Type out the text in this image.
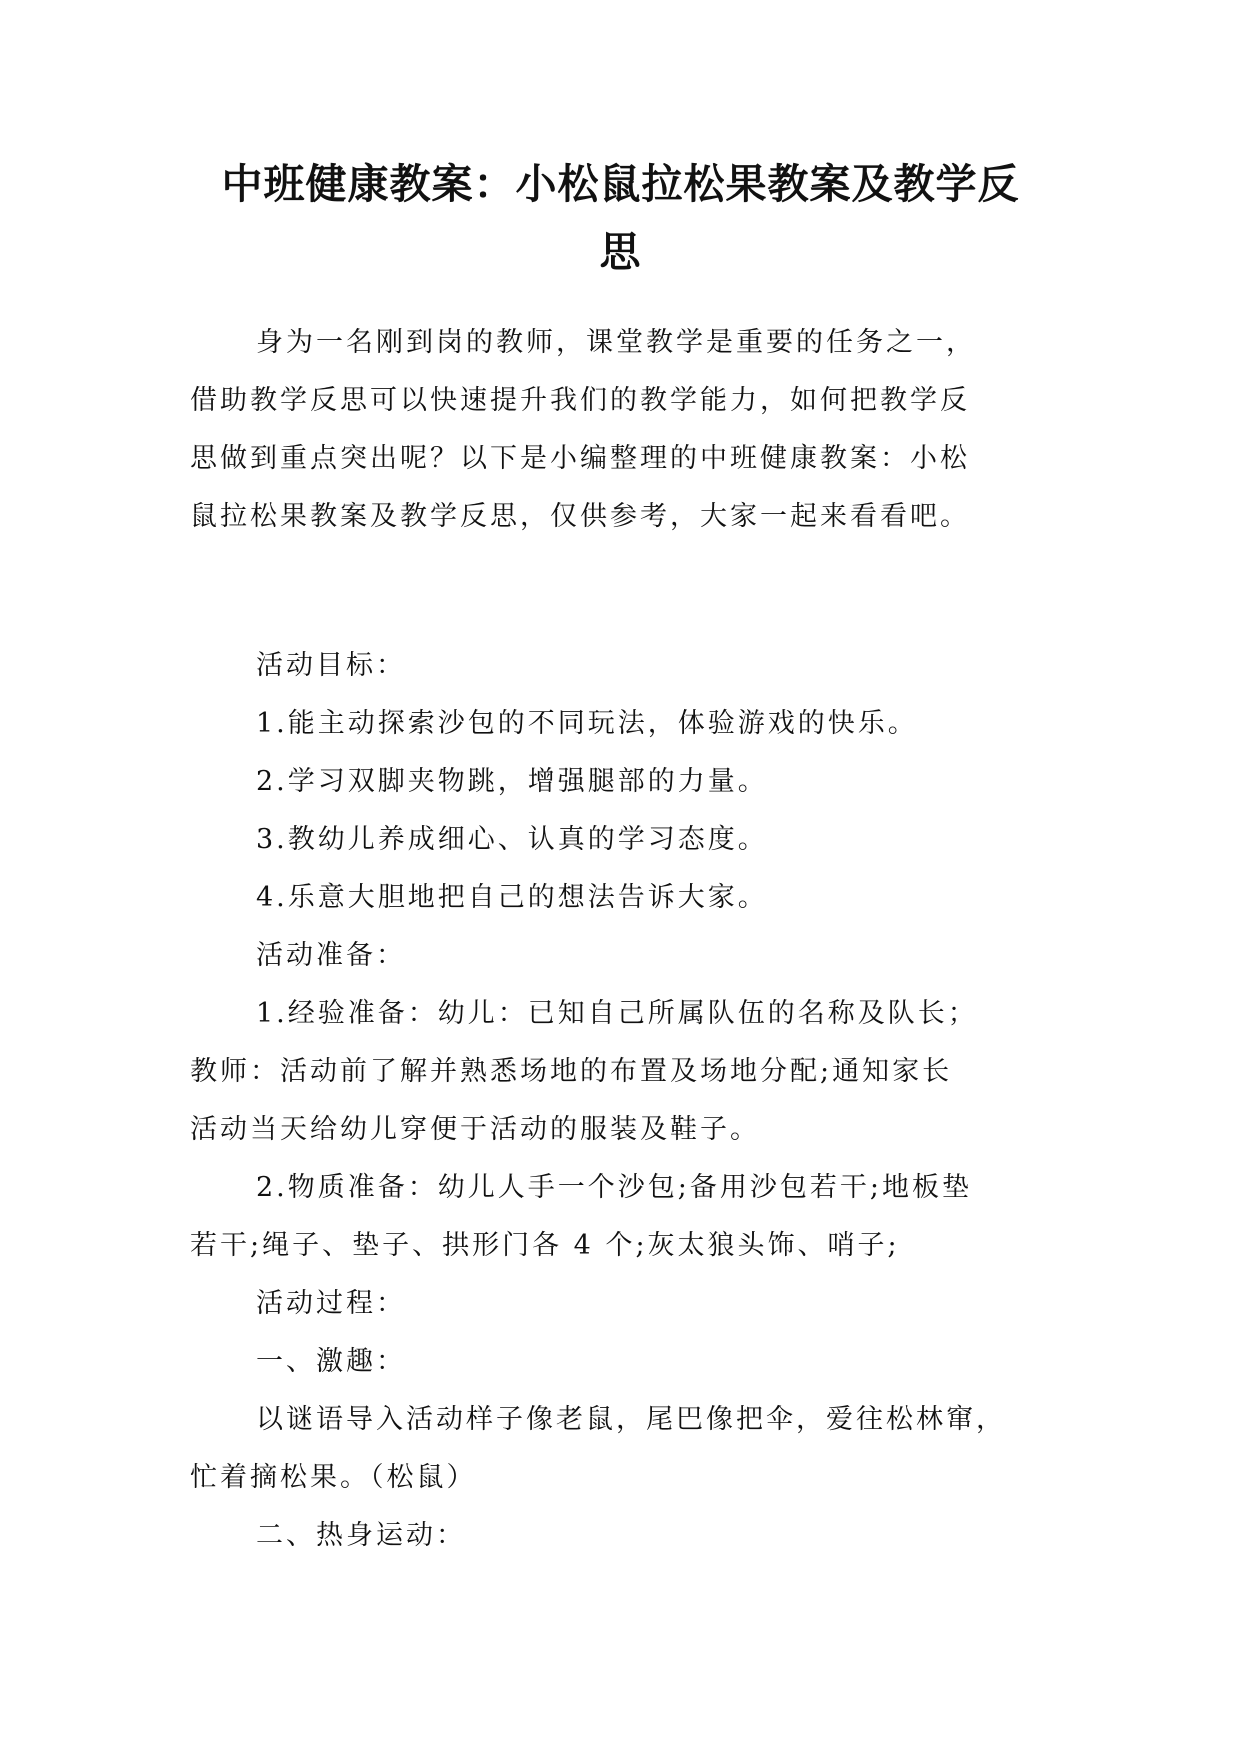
中班健康教案：小松鼠拉松果教案及教学反
思
身为一名刚到岗的教师，课堂教学是重要的任务之一，
借助教学反思可以快速提升我们的教学能力，如何把教学反
思做到重点突出呢？以下是小编整理的中班健康教案：小松
鼠拉松果教案及教学反思，仅供参考，大家一起来看看吧。
活动目标：
1.能主动探索沙包的不同玩法，体验游戏的快乐。
2.学习双脚夹物跳，增强腿部的力量。
3.教幼儿养成细心、认真的学习态度。
4.乐意大胆地把自己的想法告诉大家。
活动准备：
1.经验准备：幼儿：已知自己所属队伍的名称及队长；
教师：活动前了解并熟悉场地的布置及场地分配;通知家长
活动当天给幼儿穿便于活动的服装及鞋子。
2.物质准备：幼儿人手一个沙包;备用沙包若干;地板垫
若干;绳子、垫子、拱形门各 4 个;灰太狼头饰、哨子;
活动过程：
一、激趣：
以谜语导入活动样子像老鼠，尾巴像把伞，爱往松林窜，
忙着摘松果。（松鼠）
二、热身运动：
